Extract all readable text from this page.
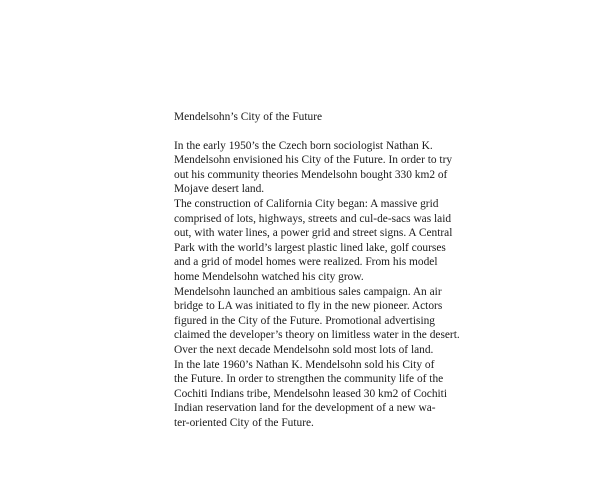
Mendelsohn’s City of the Future
In the early 1950’s the Czech born sociologist Nathan K.
Mendelsohn envisioned his City of the Future. In order to try
out his community theories Mendelsohn bought 330 km2 of
Mojave desert land.
The construction of California City began: A massive grid
comprised of lots, highways, streets and cul-de-sacs was laid
out, with water lines, a power grid and street signs. A Central
Park with the world’s largest plastic lined lake, golf courses
and a grid of model homes were realized. From his model
home Mendelsohn watched his city grow.
Mendelsohn launched an ambitious sales campaign. An air
bridge to LA was initiated to fly in the new pioneer. Actors
figured in the City of the Future. Promotional advertising
claimed the developer’s theory on limitless water in the desert.
Over the next decade Mendelsohn sold most lots of land.
In the late 1960’s Nathan K. Mendelsohn sold his City of
the Future. In order to strengthen the community life of the
Cochiti Indians tribe, Mendelsohn leased 30 km2 of Cochiti
Indian reservation land for the development of a new wa-
ter-oriented City of the Future.
